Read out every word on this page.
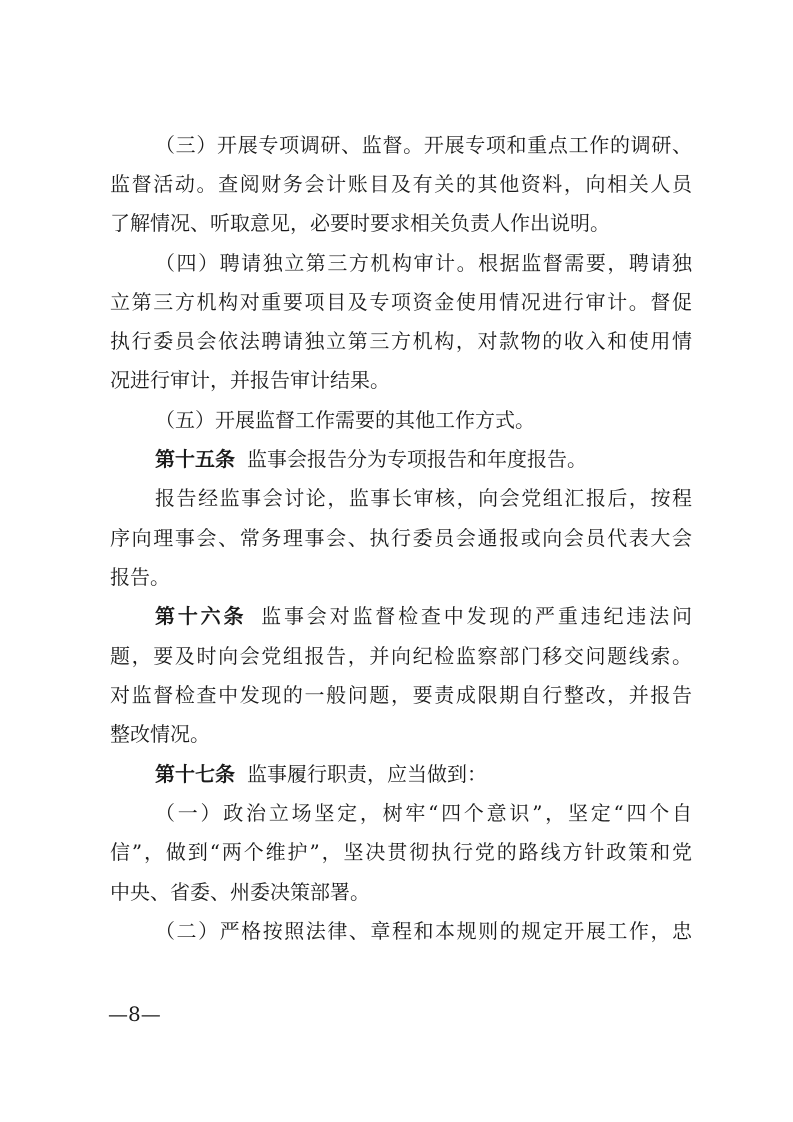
（三）开展专项调研、监督。开展专项和重点工作的调研、
监督活动。查阅财务会计账目及有关的其他资料，向相关人员
了解情况、听取意见，必要时要求相关负责人作出说明。
（四）聘请独立第三方机构审计。根据监督需要，聘请独
立第三方机构对重要项目及专项资金使用情况进行审计。督促
执行委员会依法聘请独立第三方机构，对款物的收入和使用情
况进行审计，并报告审计结果。
（五）开展监督工作需要的其他工作方式。
第十五条 监事会报告分为专项报告和年度报告。
报告经监事会讨论，监事长审核，向会党组汇报后，按程
序向理事会、常务理事会、执行委员会通报或向会员代表大会
报告。
第十六条 监事会对监督检查中发现的严重违纪违法问
题，要及时向会党组报告，并向纪检监察部门移交问题线索。
对监督检查中发现的一般问题，要责成限期自行整改，并报告
整改情况。
第十七条 监事履行职责，应当做到：
（一）政治立场坚定，树牢“四个意识”，坚定“四个自
信”，做到“两个维护”，坚决贯彻执行党的路线方针政策和党
中央、省委、州委决策部署。
（二）严格按照法律、章程和本规则的规定开展工作，忠
—8—
